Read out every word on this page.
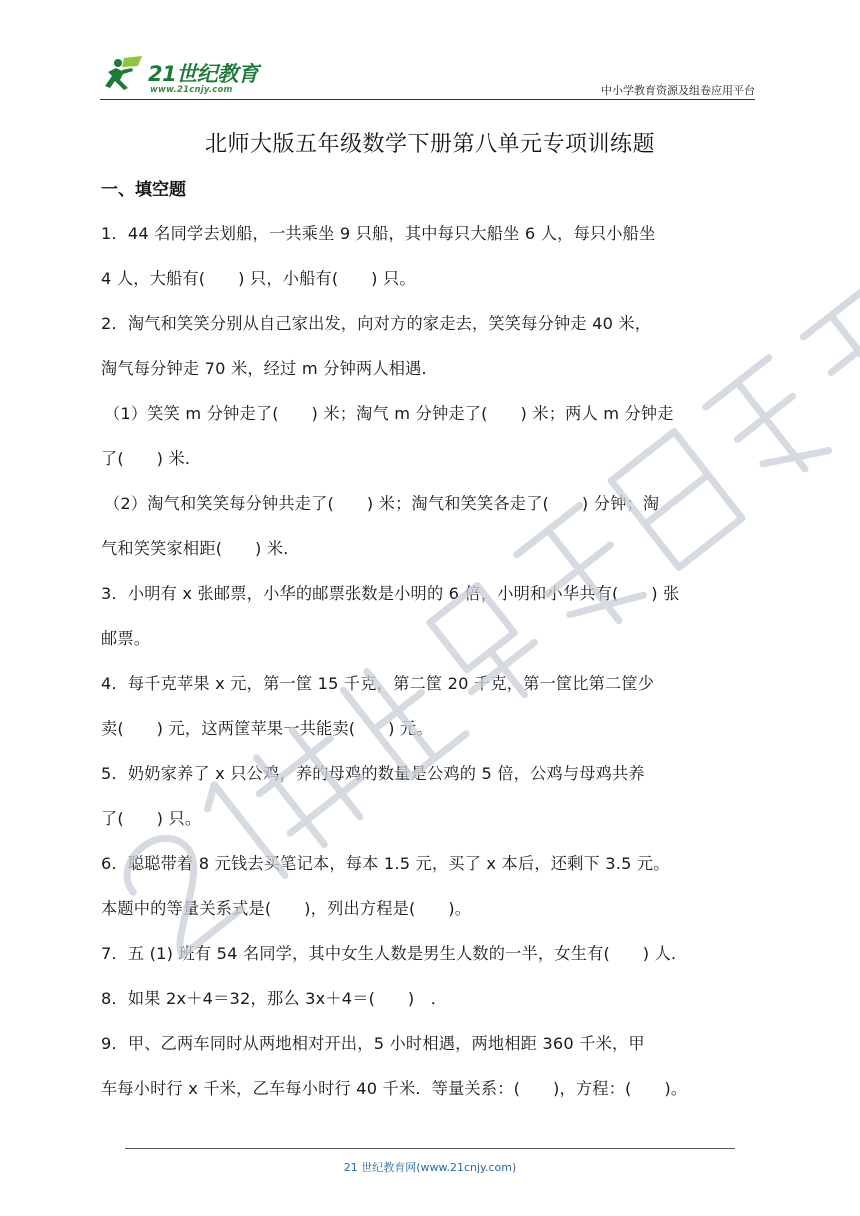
21世纪教育
www.21cnjy.com	中小学教育资源及组卷应用平台
北师大版五年级数学下册第八单元专项训练题
一、填空题
1．44 名同学去划船，一共乘坐 9 只船，其中每只大船坐 6 人，每只小船坐
4 人，大船有(　　) 只，小船有(　　) 只。
2．淘气和笑笑分别从自己家出发，向对方的家走去，笑笑每分钟走 40 米，
淘气每分钟走 70 米，经过 m 分钟两人相遇．
（1）笑笑 m 分钟走了(　　) 米；淘气 m 分钟走了(　　) 米；两人 m 分钟走
了(　　) 米．
（2）淘气和笑笑每分钟共走了(　　) 米；淘气和笑笑各走了(　　) 分钟；淘
气和笑笑家相距(　　) 米．
3．小明有 x 张邮票，小华的邮票张数是小明的 6 倍，小明和小华共有(　　) 张
邮票。
4．每千克苹果 x 元，第一筐 15 千克，第二筐 20 千克，第一筐比第二筐少
卖(　　) 元，这两筐苹果一共能卖(　　) 元。
5．奶奶家养了 x 只公鸡，养的母鸡的数量是公鸡的 5 倍，公鸡与母鸡共养
了(　　) 只。
6．聪聪带着 8 元钱去买笔记本，每本 1.5 元，买了 x 本后，还剩下 3.5 元。
本题中的等量关系式是(　　)，列出方程是(　　)。
7．五 (1) 班有 54 名同学，其中女生人数是男生人数的一半，女生有(　　) 人．
8．如果 2x＋4＝32，那么 3x＋4＝(　　)　．
9．甲、乙两车同时从两地相对开出，5 小时相遇，两地相距 360 千米，甲
车每小时行 x 千米，乙车每小时行 40 千米．等量关系：(　　)，方程：(　　)。
21 世纪教育网(www.21cnjy.com)
